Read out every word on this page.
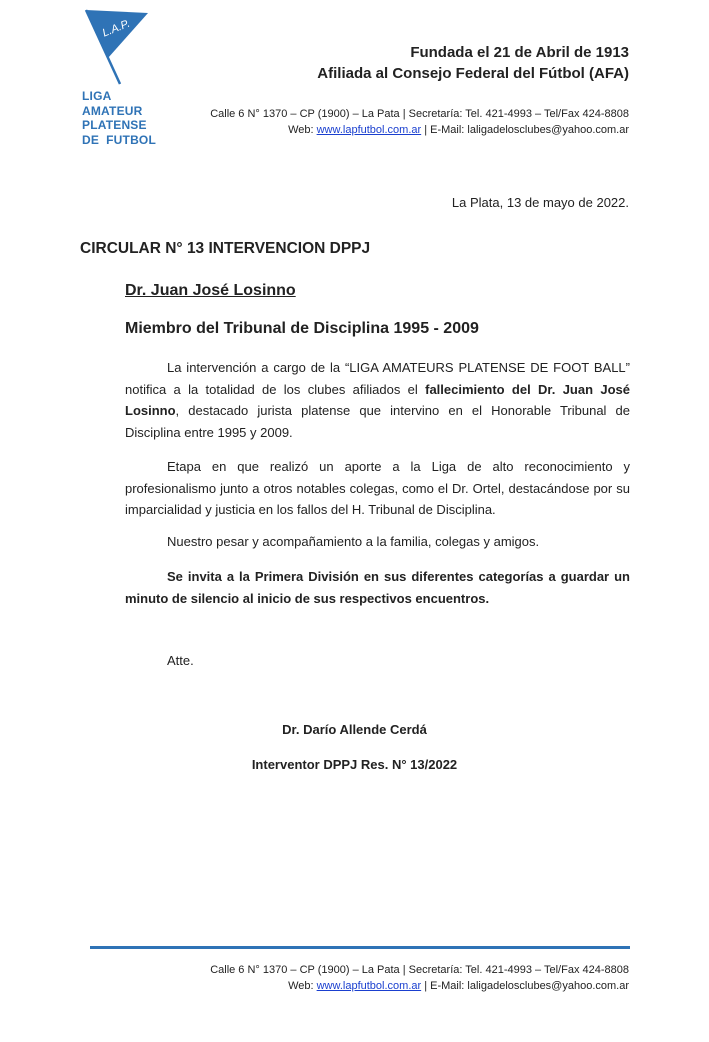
L.A.P.
LIGA
AMATEUR
PLATENSE
DE  FUTBOL
Fundada el 21 de Abril de 1913
Afiliada al Consejo Federal del Fútbol (AFA)
Calle 6 N° 1370 – CP (1900) – La Pata | Secretaría: Tel. 421-4993 – Tel/Fax 424-8808
Web: www.lapfutbol.com.ar | E-Mail: laligadelosclubes@yahoo.com.ar
La Plata, 13 de mayo de 2022.
CIRCULAR N° 13 INTERVENCION DPPJ
Dr. Juan José Losinno
Miembro del Tribunal de Disciplina 1995 - 2009
La intervención a cargo de la “LIGA AMATEURS PLATENSE DE FOOT BALL” notifica a la totalidad de los clubes afiliados el fallecimiento del Dr. Juan José Losinno, destacado jurista platense que intervino en el Honorable Tribunal de Disciplina entre 1995 y 2009.
Etapa en que realizó un aporte a la Liga de alto reconocimiento y profesionalismo junto a otros notables colegas, como el Dr. Ortel, destacándose por su imparcialidad y justicia en los fallos del H. Tribunal de Disciplina.
Nuestro pesar y acompañamiento a la familia, colegas y amigos.
Se invita a la Primera División en sus diferentes categorías a guardar un minuto de silencio al inicio de sus respectivos encuentros.
Atte.
Dr. Darío Allende Cerdá
Interventor DPPJ Res. N° 13/2022
Calle 6 N° 1370 – CP (1900) – La Pata | Secretaría: Tel. 421-4993 – Tel/Fax 424-8808
Web: www.lapfutbol.com.ar | E-Mail: laligadelosclubes@yahoo.com.ar
